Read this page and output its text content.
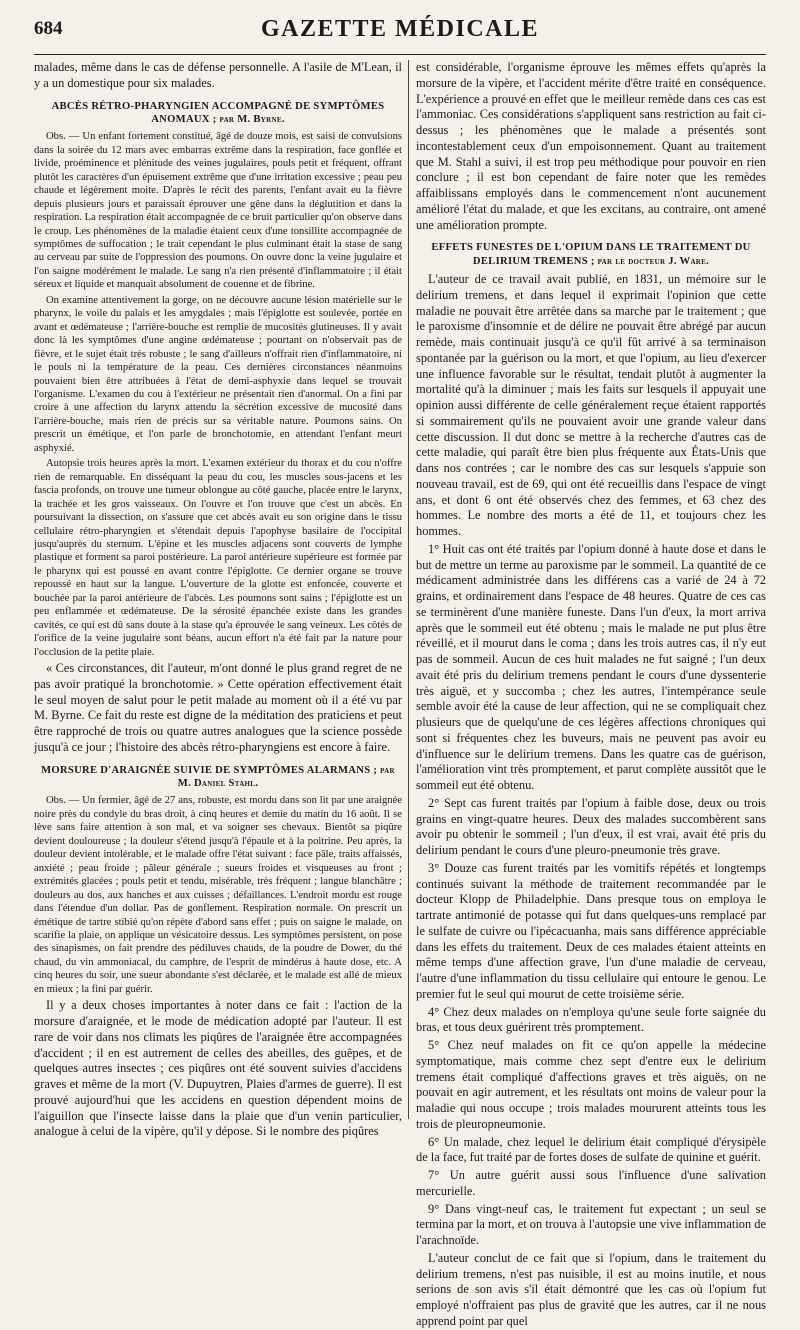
684	GAZETTE MÉDICALE

malades, même dans le cas de défense personnelle. A l'asile de M'Lean, il y a un domestique pour six malades.

ABCÈS RÉTRO-PHARYNGIEN ACCOMPAGNÉ DE SYMPTÔMES ANOMAUX ; par M. Byrne.

Obs. — Un enfant fortement constitué, âgé de douze mois, est saisi de convulsions dans la soirée du 12 mars avec embarras extrême dans la respiration, face gonflée et livide, proéminence et plénitude des veines jugulaires, pouls petit et fréquent, offrant plutôt les caractères d'un épuisement extrême que d'une irritation excessive ; peau peu chaude et légèrement moite. D'après le récit des parents, l'enfant avait eu la fièvre depuis plusieurs jours et paraissait éprouver une gêne dans la déglutition et dans la respiration. La respiration était accompagnée de ce bruit particulier qu'on observe dans le croup. Les phénomènes de la maladie étaient ceux d'une tonsillite accompagnée de symptômes de suffocation ; le trait cependant le plus culminant était la stase de sang au cerveau par suite de l'oppression des poumons. On ouvre donc la veine jugulaire et l'on saigne modérément le malade. Le sang n'a rien présenté d'inflammatoire ; il était séreux et liquide et manquait absolument de couenne et de fibrine.

On examine attentivement la gorge, on ne découvre aucune lésion matérielle sur le pharynx, le voile du palais et les amygdales ; mais l'épiglotte est soulevée, portée en avant et œdémateuse ; l'arrière-bouche est remplie de mucosités glutineuses. Il y avait donc là les symptômes d'une angine œdémateuse ; pourtant on n'observait pas de fièvre, et le sujet était très robuste ; le sang d'ailleurs n'offrait rien d'inflammatoire, ni le pouls ni la température de la peau. Ces dernières circonstances néanmoins pouvaient bien être attribuées à l'état de demi-asphyxie dans lequel se trouvait l'organisme. L'examen du cou à l'extérieur ne présentait rien d'anormal. On a fini par croire à une affection du larynx attendu la sécrétion excessive de mucosité dans l'arrière-bouche, mais rien de précis sur sa véritable nature. Poumons sains. On prescrit un émétique, et l'on parle de bronchotomie, en attendant l'enfant meurt asphyxié.

Autopsie trois heures après la mort. L'examen extérieur du thorax et du cou n'offre rien de remarquable. En disséquant la peau du cou, les muscles sous-jacens et les fascia profonds, on trouve une tumeur oblongue au côté gauche, placée entre le larynx, la trachée et les gros vaisseaux. On l'ouvre et l'on trouve que c'est un abcès. En poursuivant la dissection, on s'assure que cet abcès avait eu son origine dans le tissu cellulaire rétro-pharyngien et s'étendait depuis l'apophyse basilaire de l'occipital jusqu'auprès du sternum. L'épine et les muscles adjacens sont couverts de lymphe plastique et forment sa paroi postérieure. La paroi antérieure supérieure est formée par le pharynx qui est poussé en avant contre l'épiglotte. Ce dernier organe se trouve repoussé en haut sur la langue. L'ouverture de la glotte est enfoncée, couverte et bouchée par la paroi antérieure de l'abcès. Les poumons sont sains ; l'épiglotte est un peu enflammée et œdémateuse. De la sérosité épanchée existe dans les grandes cavités, ce qui est dû sans doute à la stase qu'a éprouvée le sang veineux. Les côtés de l'orifice de la veine jugulaire sont béans, aucun effort n'a été fait par la nature pour l'occlusion de la petite plaie.

« Ces circonstances, dit l'auteur, m'ont donné le plus grand regret de ne pas avoir pratiqué la bronchotomie. » Cette opération effectivement était le seul moyen de salut pour le petit malade au moment où il a été vu par M. Byrne. Ce fait du reste est digne de la méditation des praticiens et peut être rapproché de trois ou quatre autres analogues que la science possède jusqu'à ce jour ; l'histoire des abcès rétro-pharyngiens est encore à faire.

MORSURE D'ARAIGNÉE SUIVIE DE SYMPTÔMES ALARMANS ; par M. Daniel Stahl.

Obs. — Un fermier, âgé de 27 ans, robuste, est mordu dans son lit par une araignée noire près du condyle du bras droit, à cinq heures et demie du matin du 16 août. Il se lève sans faire attention à son mal, et va soigner ses chevaux. Bientôt sa piqûre devient douloureuse ; la douleur s'étend jusqu'à l'épaule et à la poitrine. Peu après, la douleur devient intolérable, et le malade offre l'état suivant : face pâle, traits affaissés, anxiété ; peau froide ; pâleur générale ; sueurs froides et visqueuses au front ; extrémités glacées ; pouls petit et tendu, misérable, très fréquent ; langue blanchâtre ; douleurs au dos, aux hanches et aux cuisses ; défaillances. L'endroit mordu est rouge dans l'étendue d'un dollar. Pas de gonflement. Respiration normale. On prescrit un émétique de tartre stibié qu'on répète d'abord sans effet ; puis on saigne le malade, on scarifie la plaie, on applique un vésicatoire dessus. Les symptômes persistent, on pose des sinapismes, on fait prendre des pédiluves chauds, de la poudre de Dower, du thé chaud, du vin ammoniacal, du camphre, de l'esprit de mindérus à haute dose, etc. A cinq heures du soir, une sueur abondante s'est déclarée, et le malade est allé de mieux en mieux ; la fini par guérir.

Il y a deux choses importantes à noter dans ce fait : l'action de la morsure d'araignée, et le mode de médication adopté par l'auteur. Il est rare de voir dans nos climats les piqûres de l'araignée être accompagnées d'accident ; il en est autrement de celles des abeilles, des guêpes, et de quelques autres insectes ; ces piqûres ont été souvent suivies d'accidens graves et même de la mort (V. Dupuytren, Plaies d'armes de guerre). Il est prouvé aujourd'hui que les accidens en question dépendent moins de l'aiguillon que l'insecte laisse dans la plaie que d'un venin particulier, analogue à celui de la vipère, qu'il y dépose. Si le nombre des piqûres

est considérable, l'organisme éprouve les mêmes effets qu'après la morsure de la vipère, et l'accident mérite d'être traité en conséquence. L'expérience a prouvé en effet que le meilleur remède dans ces cas est l'ammoniac. Ces considérations s'appliquent sans restriction au fait ci-dessus ; les phénomènes que le malade a présentés sont incontestablement ceux d'un empoisonnement. Quant au traitement que M. Stahl a suivi, il est trop peu méthodique pour pouvoir en rien conclure ; il est bon cependant de faire noter que les remèdes affaiblissans employés dans le commencement n'ont aucunement amélioré l'état du malade, et que les excitans, au contraire, ont amené une amélioration prompte.

EFFETS FUNESTES DE L'OPIUM DANS LE TRAITEMENT DU DELIRIUM TREMENS ; par le docteur J. Ware.

L'auteur de ce travail avait publié, en 1831, un mémoire sur le delirium tremens, et dans lequel il exprimait l'opinion que cette maladie ne pouvait être arrêtée dans sa marche par le traitement ; que le paroxisme d'insomnie et de délire ne pouvait être abrégé par aucun remède, mais continuait jusqu'à ce qu'il fût arrivé à sa terminaison spontanée par la guérison ou la mort, et que l'opium, au lieu d'exercer une influence favorable sur le résultat, tendait plutôt à augmenter la mortalité qu'à la diminuer ; mais les faits sur lesquels il appuyait une opinion aussi différente de celle généralement reçue étaient rapportés si sommairement qu'ils ne pouvaient avoir une grande valeur dans cette discussion. Il dut donc se mettre à la recherche d'autres cas de cette maladie, qui paraît être bien plus fréquente aux États-Unis que dans nos contrées ; car le nombre des cas sur lesquels s'appuie son nouveau travail, est de 69, qui ont été recueillis dans l'espace de vingt ans, et dont 6 ont été observés chez des femmes, et 63 chez des hommes. Le nombre des morts a été de 11, et toujours chez les hommes.

1° Huit cas ont été traités par l'opium donné à haute dose et dans le but de mettre un terme au paroxisme par le sommeil. La quantité de ce médicament administrée dans les différens cas a varié de 24 à 72 grains, et ordinairement dans l'espace de 48 heures. Quatre de ces cas se terminèrent d'une manière funeste. Dans l'un d'eux, la mort arriva après que le sommeil eut été obtenu ; mais le malade ne put plus être réveillé, et il mourut dans le coma ; dans les trois autres cas, il n'y eut pas de sommeil. Aucun de ces huit malades ne fut saigné ; l'un deux avait été pris du delirium tremens pendant le cours d'une dyssenterie très aiguë, et y succomba ; chez les autres, l'intempérance seule semble avoir été la cause de leur affection, qui ne se compliquait chez plusieurs que de quelqu'une de ces légères affections chroniques qui sont si fréquentes chez les buveurs, mais ne peuvent pas avoir eu d'influence sur le delirium tremens. Dans les quatre cas de guérison, l'amélioration vint très promptement, et parut complète aussitôt que le sommeil eut été obtenu.

2° Sept cas furent traités par l'opium à faible dose, deux ou trois grains en vingt-quatre heures. Deux des malades succombèrent sans avoir pu obtenir le sommeil ; l'un d'eux, il est vrai, avait été pris du delirium pendant le cours d'une pleuro-pneumonie très grave.

3° Douze cas furent traités par les vomitifs répétés et longtemps continués suivant la méthode de traitement recommandée par le docteur Klopp de Philadelphie. Dans presque tous on employa le tartrate antimonié de potasse qui fut dans quelques-uns remplacé par le sulfate de cuivre ou l'ipécacuanha, mais sans différence appréciable dans les effets du traitement. Deux de ces malades étaient atteints en même temps d'une affection grave, l'un d'une maladie de cerveau, l'autre d'une inflammation du tissu cellulaire qui entoure le genou. Le premier fut le seul qui mourut de cette troisième série.

4° Chez deux malades on n'employa qu'une seule forte saignée du bras, et tous deux guérirent très promptement.

5° Chez neuf malades on fit ce qu'on appelle la médecine symptomatique, mais comme chez sept d'entre eux le delirium tremens était compliqué d'affections graves et très aiguës, on ne pouvait en agir autrement, et les résultats ont moins de valeur pour la maladie qui nous occupe ; trois malades moururent atteints tous les trois de pleuropneumonie.

6° Un malade, chez lequel le delirium était compliqué d'érysipèle de la face, fut traité par de fortes doses de sulfate de quinine et guérit.

7° Un autre guérit aussi sous l'influence d'une salivation mercurielle.

9° Dans vingt-neuf cas, le traitement fut expectant ; un seul se termina par la mort, et on trouva à l'autopsie une vive inflammation de l'arachnoïde.

L'auteur conclut de ce fait que si l'opium, dans le traitement du delirium tremens, n'est pas nuisible, il est au moins inutile, et nous serions de son avis s'il était démontré que les cas où l'opium fut employé n'offraient pas plus de gravité que les autres, car il ne nous apprend point par quel
